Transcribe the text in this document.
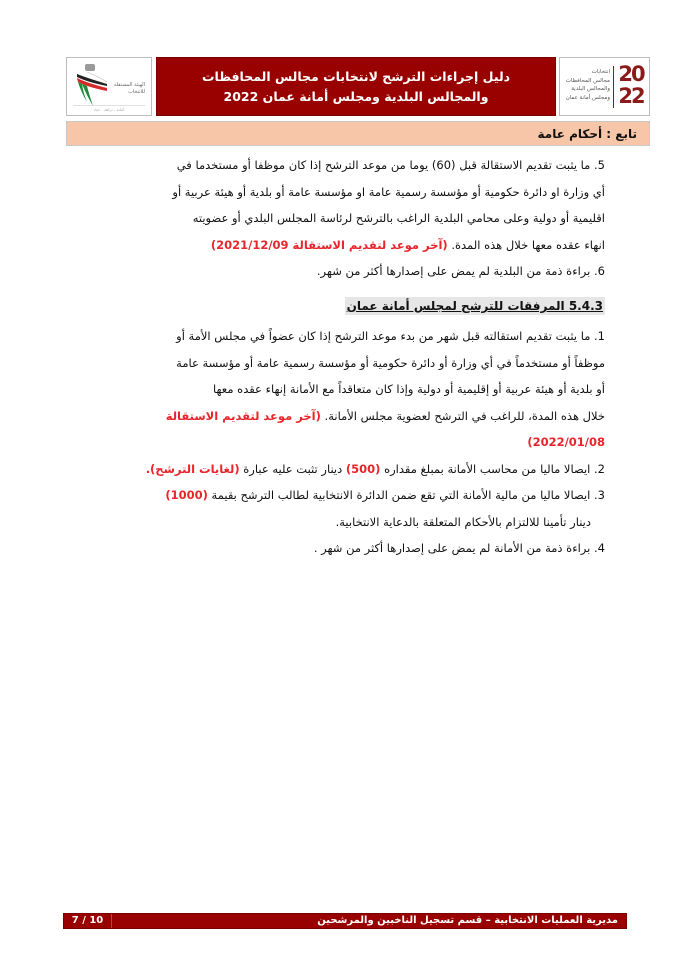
الهيئة المستقلة
للانتخاب
أمانة . نزاهة . حياد
دليل إجراءات الترشح لانتخابات مجالس المحافظات
والمجالس البلدية ومجلس أمانة عمان 2022
20
22
انتخابات
مجالس المحافظات
والمجالس البلدية
ومجلس أمانة عمان
تابع : أحكام عامة
5. ما يثبت تقديم الاستقالة قبل (60) يوما من موعد الترشح إذا كان موظفا أو مستخدما في
أي وزارة او دائرة حكومية أو مؤسسة رسمية عامة او مؤسسة عامة أو بلدية أو هيئة عربية أو
اقليمية أو دولية وعلى محامي البلدية الراغب بالترشح لرئاسة المجلس البلدي أو عضويته
انهاء عقده معها خلال هذه المدة. (آخر موعد لتقديم الاستقالة 2021/12/09)
6. براءة ذمة من البلدية لم يمض على إصدارها أكثر من شهر.
5.4.3 المرفقات للترشح لمجلس أمانة عمان
1. ما يثبت تقديم استقالته قبل شهر من بدء موعد الترشح إذا كان عضواً في مجلس الأمة أو
موظفاً أو مستخدماً في أي وزارة أو دائرة حكومية أو مؤسسة رسمية عامة أو مؤسسة عامة
أو بلدية أو هيئة عربية أو إقليمية أو دولية وإذا كان متعاقداً مع الأمانة إنهاء عقده معها
خلال هذه المدة، للراغب في الترشح لعضوية مجلس الأمانة. (آخر موعد لتقديم الاستقالة
2022/01/08)
2. ايصالا ماليا من محاسب الأمانة بمبلغ مقداره (500) دينار تثبت عليه عبارة (لغايات الترشح).
3. ايصالا ماليا من مالية الأمانة التي تقع ضمن الدائرة الانتخابية لطالب الترشح بقيمة (1000)
دينار تأمينا للالتزام بالأحكام المتعلقة بالدعاية الانتخابية.
4. براءة ذمة من الأمانة لم يمض على إصدارها أكثر من شهر .
مديرية العمليات الانتخابية – قسم تسجيل الناخبين والمرشحين
7 / 10
